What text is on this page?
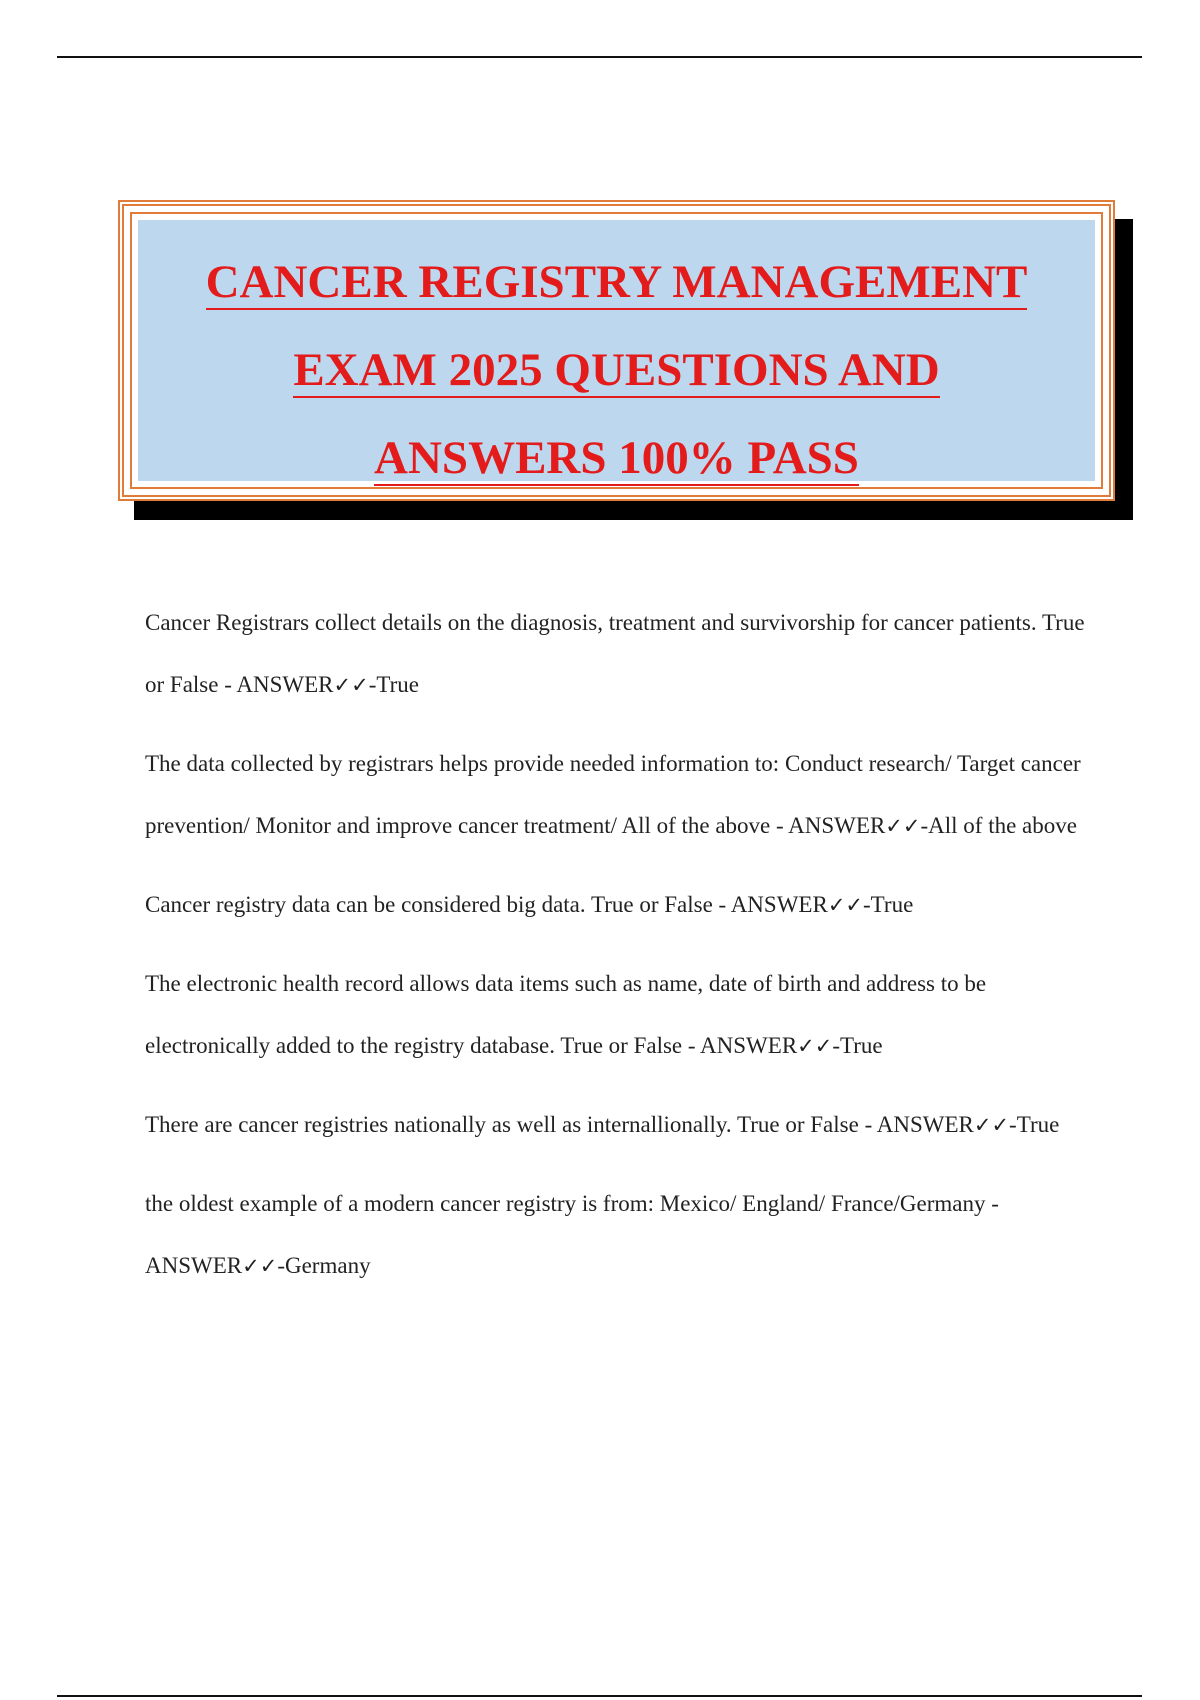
CANCER REGISTRY MANAGEMENT
EXAM 2025 QUESTIONS AND
ANSWERS 100% PASS

Cancer Registrars collect details on the diagnosis, treatment and survivorship for cancer patients. True or False - ANSWER✓✓-True

The data collected by registrars helps provide needed information to: Conduct research/ Target cancer prevention/ Monitor and improve cancer treatment/ All of the above - ANSWER✓✓-All of the above

Cancer registry data can be considered big data. True or False - ANSWER✓✓-True

The electronic health record allows data items such as name, date of birth and address to be electronically added to the registry database. True or False - ANSWER✓✓-True

There are cancer registries nationally as well as internallionally. True or False - ANSWER✓✓-True

the oldest example of a modern cancer registry is from: Mexico/ England/ France/Germany - ANSWER✓✓-Germany
